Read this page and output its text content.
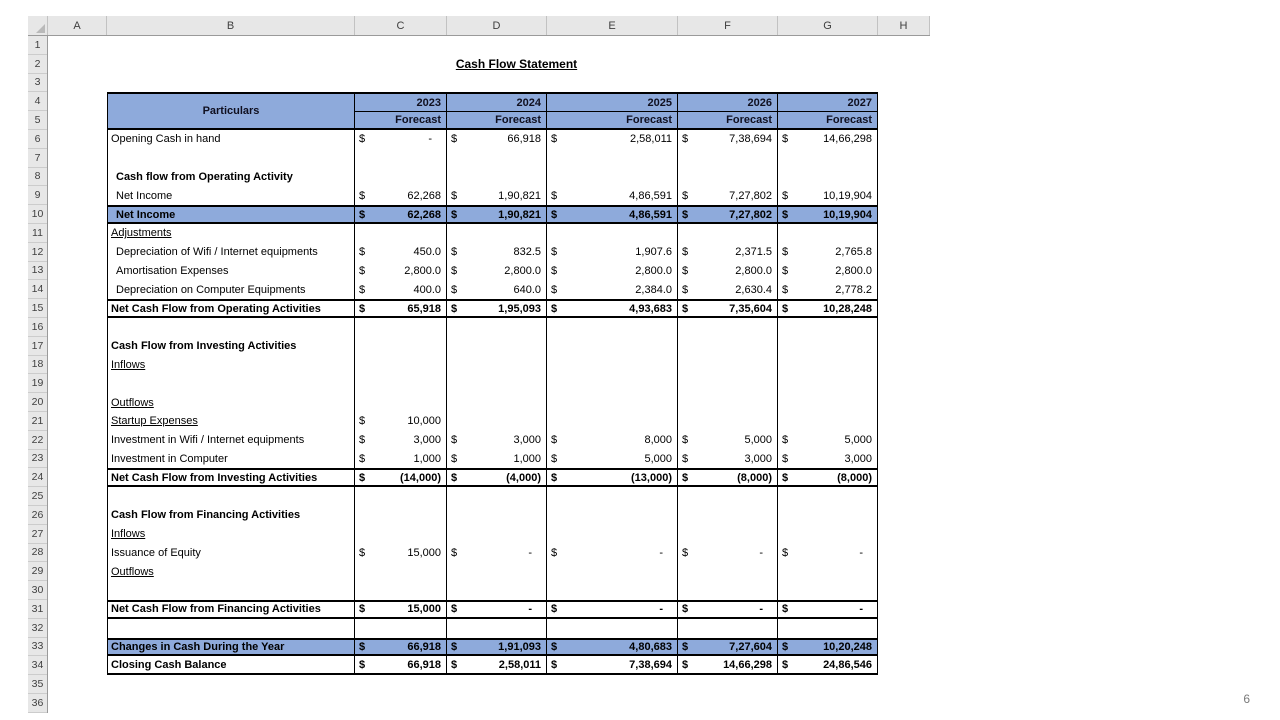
A	B	C	D	E	F	G	H
1
2
3
4
5
6
7
8
9
10
11
12
13
14
15
16
17
18
19
20
21
22
23
24
25
26
27
28
29
30
31
32
33
34
35
36
Cash Flow Statement
Particulars
2023	2024	2025	2026	2027
Forecast	Forecast	Forecast	Forecast	Forecast
6
Opening Cash in hand	$	-	$	66,918 $	2,58,011 $	7,38,694 $	14,66,298
Cash flow from Operating Activity
Net Income	$	62,268 $	1,90,821 $	4,86,591 $	7,27,802 $	10,19,904
Net Income	$	62,268 $	1,90,821 $	4,86,591 $	7,27,802 $	10,19,904
Adjustments
Depreciation of Wifi / Internet equipments	$	450.0 $	832.5 $	1,907.6 $	2,371.5 $	2,765.8
Amortisation Expenses	$	2,800.0 $	2,800.0 $	2,800.0 $	2,800.0 $	2,800.0
Depreciation on Computer Equipments	$	400.0 $	640.0 $	2,384.0 $	2,630.4 $	2,778.2
Net Cash Flow from Operating Activities	$	65,918 $	1,95,093 $	4,93,683 $	7,35,604 $	10,28,248
Cash Flow from Investing Activities
Inflows
Outflows
Startup Expenses	$	10,000
Investment in Wifi / Internet equipments	$	3,000 $	3,000 $	8,000 $	5,000 $	5,000
Investment in Computer	$	1,000 $	1,000 $	5,000 $	3,000 $	3,000
Net Cash Flow from Investing Activities	$	(14,000) $	(4,000) $	(13,000) $	(8,000) $	(8,000)
Cash Flow from Financing Activities
Inflows
Issuance of Equity	$	15,000 $	-	$	-	$	-	$	-
Outflows
Net Cash Flow from Financing Activities	$	15,000 $	-	$	-	$	-	$	-
Changes in Cash During the Year	$	66,918 $	1,91,093 $	4,80,683 $	7,27,604 $	10,20,248
Closing Cash Balance	$	66,918 $	2,58,011 $	7,38,694 $	14,66,298 $	24,86,546
